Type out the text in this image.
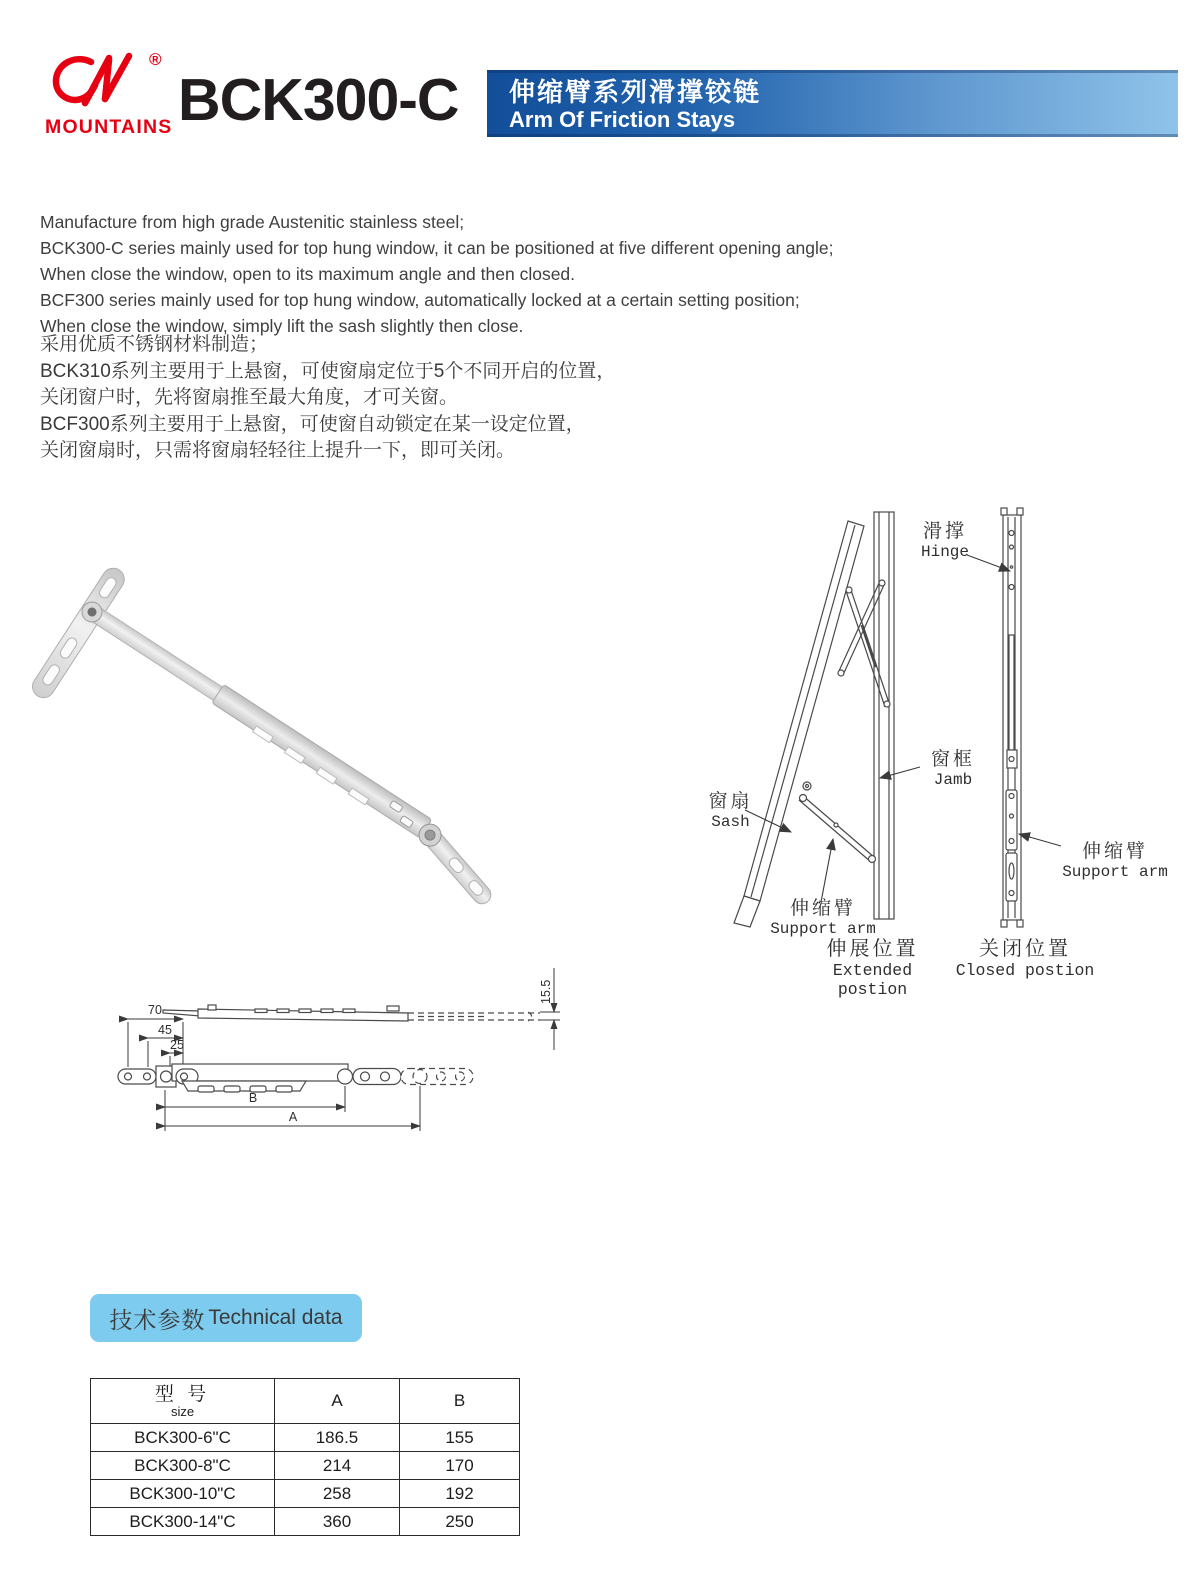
®
MOUNTAINS BCK300-C 伸缩臂系列滑撑铰链
Arm Of Friction Stays
Manufacture from high grade Austenitic stainless steel;
BCK300-C series mainly used for top hung window, it can be positioned at five different opening angle;
When close the window, open to its maximum angle and then closed.
BCF300 series mainly used for top hung window, automatically locked at a certain setting position;
When close the window, simply lift the sash slightly then close.
采用优质不锈钢材料制造；
BCK310系列主要用于上悬窗，可使窗扇定位于5个不同开启的位置，
关闭窗户时，先将窗扇推至最大角度，才可关窗。
BCF300系列主要用于上悬窗，可使窗自动锁定在某一设定位置，
关闭窗扇时，只需将窗扇轻轻往上提升一下，即可关闭。
滑撑
Hinge
窗框
Jamb
窗扇
Sash
伸缩臂
Support arm
伸缩臂
Support arm
伸展位置
Extended postion
关闭位置
Closed postion
15.5
70
45
25
B
A
技术参数 Technical data
型 号
size	A	B
BCK300-6"C	186.5	155
BCK300-8"C	214	170
BCK300-10"C	258	192
BCK300-14"C	360	250
